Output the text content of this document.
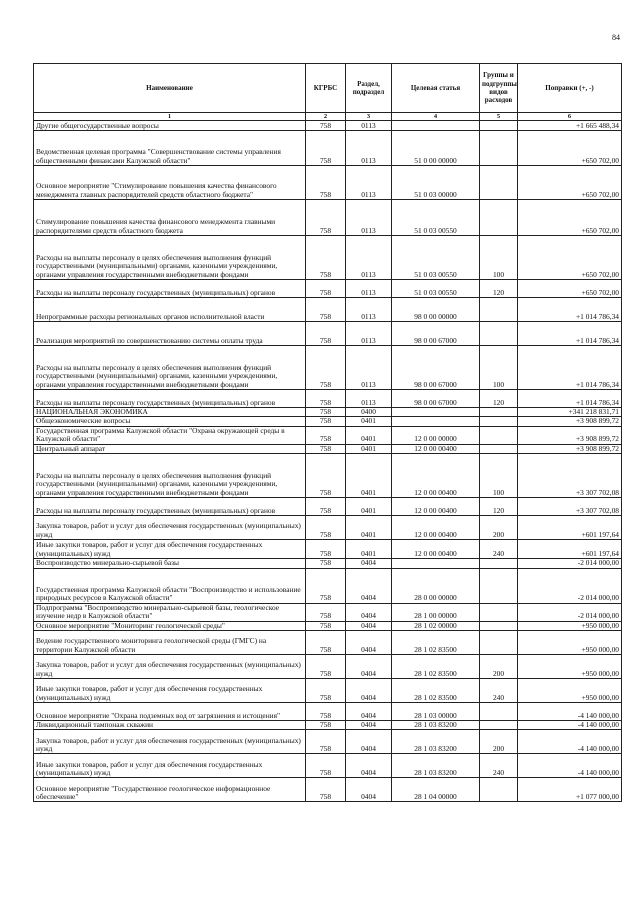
84
Наименование	КГРБС	Раздел, подраздел	Целевая статья	Группы и подгруппы видов расходов	Поправки (+, -)
1	2	3	4	5	6
Другие общегосударственные вопросы	758	0113			+1 665 488,34
Ведомственная целевая программа "Совершенствование системы управления общественными финансами Калужской области"	758	0113	51 0 00 00000		+650 702,00
Основное мероприятие "Стимулирование повышения качества финансового менеджмента главных распорядителей средств областного бюджета"	758	0113	51 0 03 00000		+650 702,00
Стимулирование повышения качества финансового менеджмента главными распорядителями средств областного бюджета	758	0113	51 0 03 00550		+650 702,00
Расходы на выплаты персоналу в целях обеспечения выполнения функций государственными (муниципальными) органами, казенными учреждениями, органами управления государственными внебюджетными фондами	758	0113	51 0 03 00550	100	+650 702,00
Расходы на выплаты персоналу государственных (муниципальных) органов	758	0113	51 0 03 00550	120	+650 702,00
Непрограммные расходы региональных органов исполнительной власти	758	0113	98 0 00 00000		+1 014 786,34
Реализация мероприятий по совершенствованию системы оплаты труда	758	0113	98 0 00 67000		+1 014 786,34
Расходы на выплаты персоналу в целях обеспечения выполнения функций государственными (муниципальными) органами, казенными учреждениями, органами управления государственными внебюджетными фондами	758	0113	98 0 00 67000	100	+1 014 786,34
Расходы на выплаты персоналу государственных (муниципальных) органов	758	0113	98 0 00 67000	120	+1 014 786,34
НАЦИОНАЛЬНАЯ ЭКОНОМИКА	758	0400			+341 218 831,71
Общеэкономические вопросы	758	0401			+3 908 899,72
Государственная программа Калужской области "Охрана окружающей среды в Калужской области"	758	0401	12 0 00 00000		+3 908 899,72
Центральный аппарат	758	0401	12 0 00 00400		+3 908 899,72
Расходы на выплаты персоналу в целях обеспечения выполнения функций государственными (муниципальными) органами, казенными учреждениями, органами управления государственными внебюджетными фондами	758	0401	12 0 00 00400	100	+3 307 702,08
Расходы на выплаты персоналу государственных (муниципальных) органов	758	0401	12 0 00 00400	120	+3 307 702,08
Закупка товаров, работ и услуг для обеспечения государственных (муниципальных) нужд	758	0401	12 0 00 00400	200	+601 197,64
Иные закупки товаров, работ и услуг для обеспечения государственных (муниципальных) нужд	758	0401	12 0 00 00400	240	+601 197,64
Воспроизводство минерально-сырьевой базы	758	0404			-2 014 000,00
Государственная программа Калужской области "Воспроизводство и использование природных ресурсов в Калужской области"	758	0404	28 0 00 00000		-2 014 000,00
Подпрограмма "Воспроизводство минерально-сырьевой базы, геологическое изучение недр в Калужской области"	758	0404	28 1 00 00000		-2 014 000,00
Основное мероприятие "Мониторинг геологической среды"	758	0404	28 1 02 00000		+950 000,00
Ведение государственного мониторинга геологической среды (ГМГС) на территории Калужской области	758	0404	28 1 02 83500		+950 000,00
Закупка товаров, работ и услуг для обеспечения государственных (муниципальных) нужд	758	0404	28 1 02 83500	200	+950 000,00
Иные закупки товаров, работ и услуг для обеспечения государственных (муниципальных) нужд	758	0404	28 1 02 83500	240	+950 000,00
Основное мероприятие "Охрана подземных вод от загрязнения и истощения"	758	0404	28 1 03 00000		-4 140 000,00
Ликвидационный тампонаж скважин	758	0404	28 1 03 83200		-4 140 000,00
Закупка товаров, работ и услуг для обеспечения государственных (муниципальных) нужд	758	0404	28 1 03 83200	200	-4 140 000,00
Иные закупки товаров, работ и услуг для обеспечения государственных (муниципальных) нужд	758	0404	28 1 03 83200	240	-4 140 000,00
Основное мероприятие "Государственное геологическое информационное обеспечение"	758	0404	28 1 04 00000		+1 077 000,00
